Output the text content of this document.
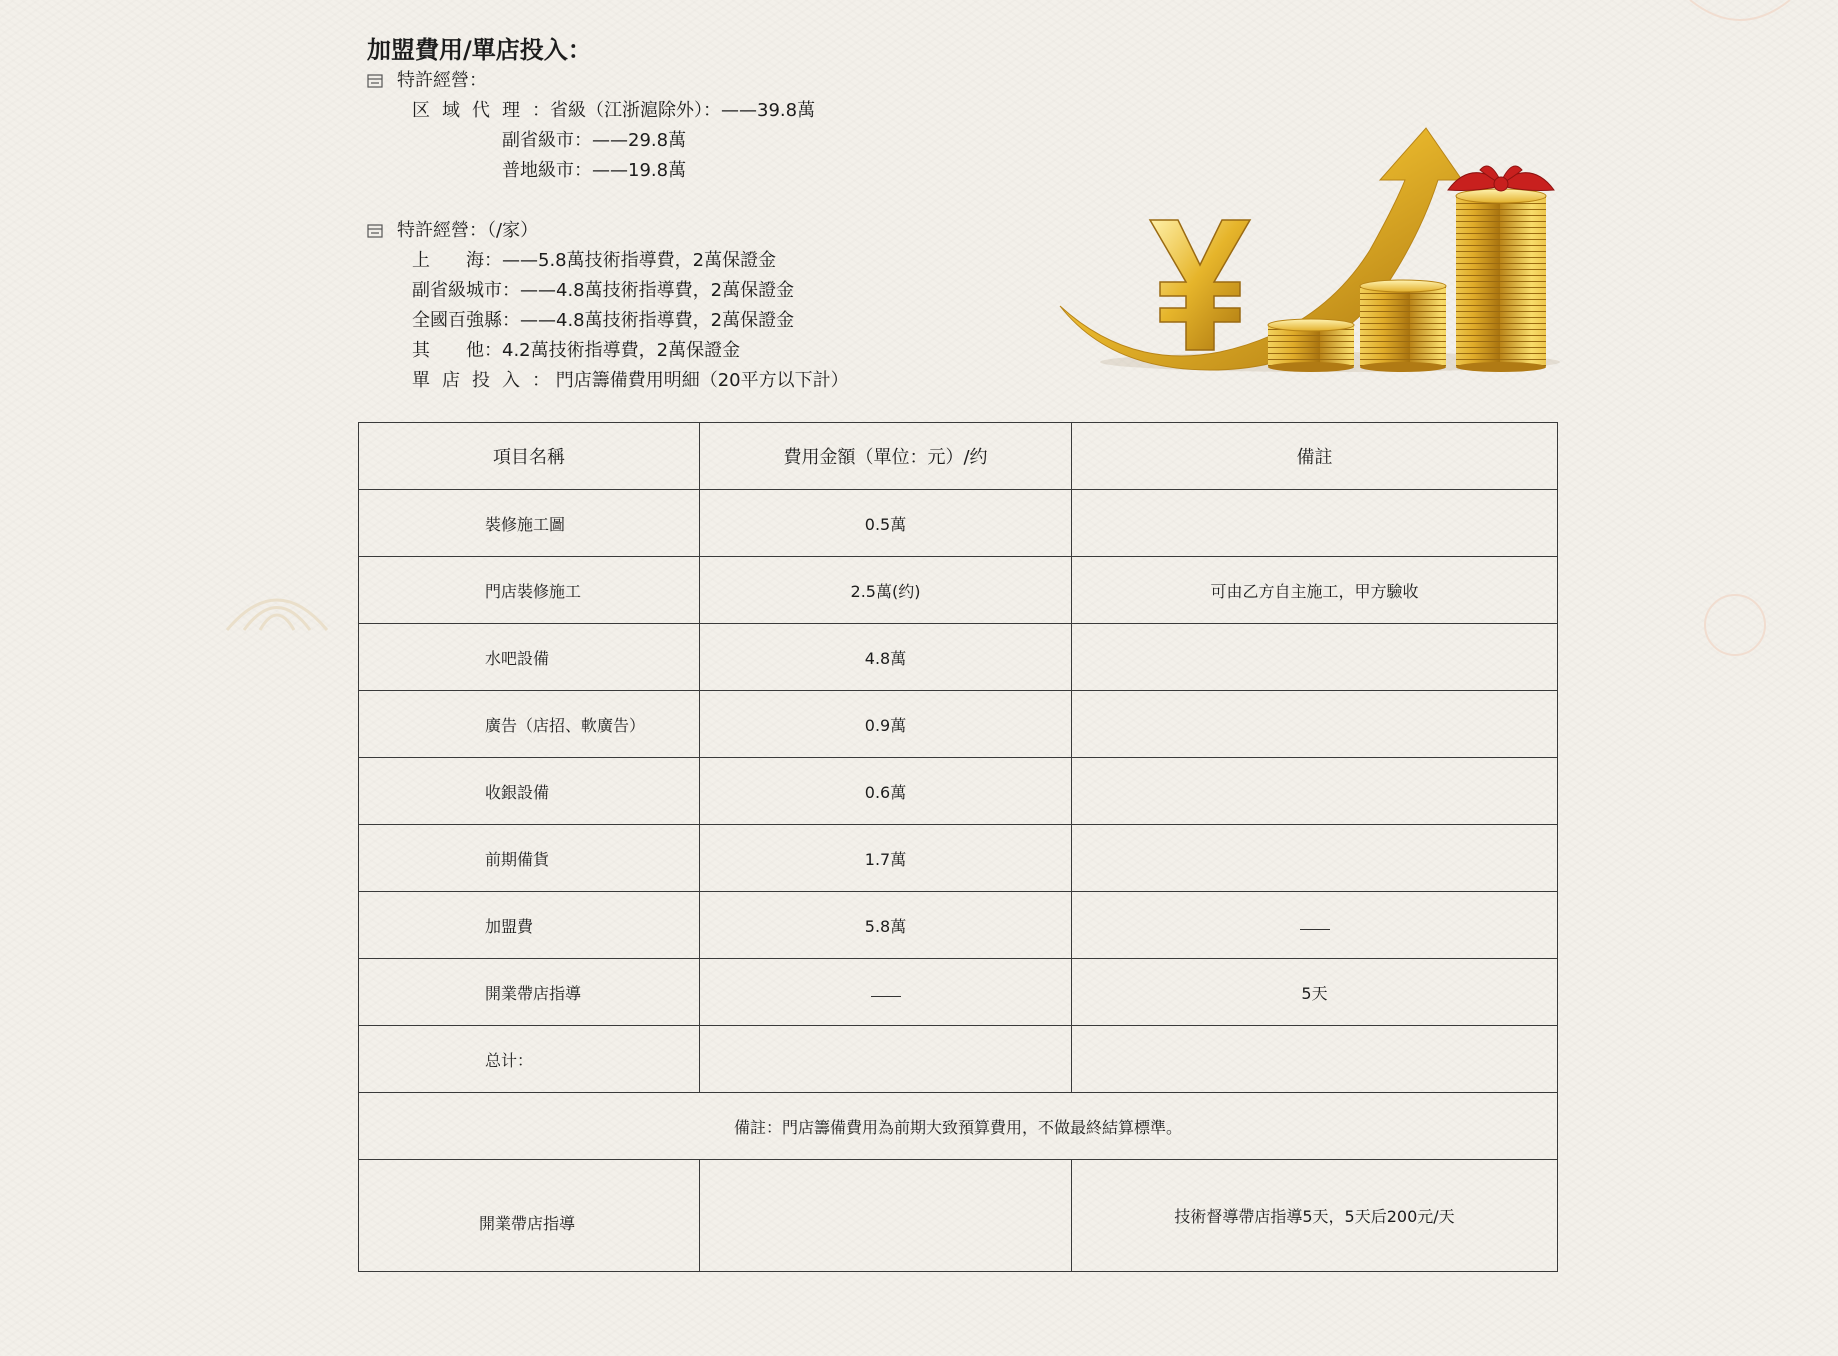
加盟費用/單店投入：
特許經營：
区域代理：省級（江浙滬除外）：——39.8萬
副省級市：——29.8萬
普地級市：——19.8萬
特許經營：（/家）
上　　海：——5.8萬技術指導費，2萬保證金
副省級城市：——4.8萬技術指導費，2萬保證金
全國百強縣：——4.8萬技術指導費，2萬保證金
其　　他：4.2萬技術指導費，2萬保證金
單店投入： 門店籌備費用明細（20平方以下計）
項目名稱	費用金額（單位：元）/约	備註
裝修施工圖	0.5萬	
門店裝修施工	2.5萬(约)	可由乙方自主施工，甲方驗收
水吧設備	4.8萬	
廣告（店招、軟廣告）	0.9萬	
收銀設備	0.6萬	
前期備貨	1.7萬	
加盟費	5.8萬	
開業帶店指導		5天
总计：		
備註：門店籌備費用為前期大致預算費用，不做最終結算標準。		
開業帶店指導		技術督導帶店指導5天，5天后200元/天
